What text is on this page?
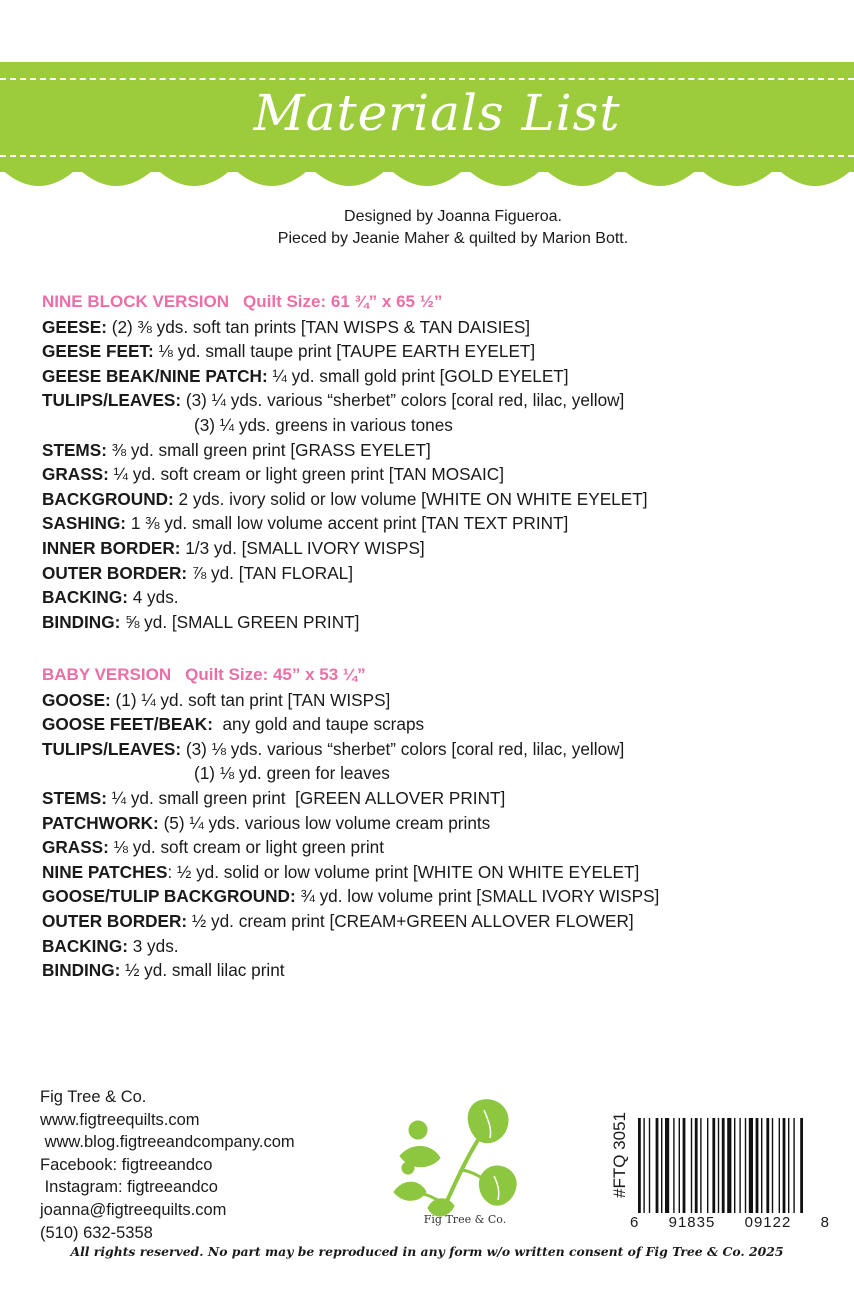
Materials List
Designed by Joanna Figueroa.
Pieced by Jeanie Maher & quilted by Marion Bott.
NINE BLOCK VERSION Quilt Size: 61 ¾” x 65 ½”
GEESE: (2) ⅜ yds. soft tan prints [TAN WISPS & TAN DAISIES]
GEESE FEET: ⅛ yd. small taupe print [TAUPE EARTH EYELET]
GEESE BEAK/NINE PATCH: ¼ yd. small gold print [GOLD EYELET]
TULIPS/LEAVES: (3) ¼ yds. various “sherbet” colors [coral red, lilac, yellow]
(3) ¼ yds. greens in various tones
STEMS: ⅜ yd. small green print [GRASS EYELET]
GRASS: ¼ yd. soft cream or light green print [TAN MOSAIC]
BACKGROUND: 2 yds. ivory solid or low volume [WHITE ON WHITE EYELET]
SASHING: 1 ⅜ yd. small low volume accent print [TAN TEXT PRINT]
INNER BORDER: 1/3 yd. [SMALL IVORY WISPS]
OUTER BORDER: ⅞ yd. [TAN FLORAL]
BACKING: 4 yds.
BINDING: ⅝ yd. [SMALL GREEN PRINT]
BABY VERSION Quilt Size: 45” x 53 ¼”
GOOSE: (1) ¼ yd. soft tan print [TAN WISPS]
GOOSE FEET/BEAK:  any gold and taupe scraps
TULIPS/LEAVES: (3) ⅛ yds. various “sherbet” colors [coral red, lilac, yellow]
(1) ⅛ yd. green for leaves
STEMS: ¼ yd. small green print  [GREEN ALLOVER PRINT]
PATCHWORK: (5) ¼ yds. various low volume cream prints
GRASS: ⅛ yd. soft cream or light green print
NINE PATCHES: ½ yd. solid or low volume print [WHITE ON WHITE EYELET]
GOOSE/TULIP BACKGROUND: ¾ yd. low volume print [SMALL IVORY WISPS]
OUTER BORDER: ½ yd. cream print [CREAM+GREEN ALLOVER FLOWER]
BACKING: 3 yds.
BINDING: ½ yd. small lilac print
Fig Tree & Co.
www.figtreequilts.com
www.blog.figtreeandcompany.com
Facebook: figtreeandco
Instagram: figtreeandco
joanna@figtreequilts.com
(510) 632-5358
Fig Tree & Co.
#FTQ 3051
6 91835 09122 8
All rights reserved. No part may be reproduced in any form w/o written consent of Fig Tree & Co. 2025
